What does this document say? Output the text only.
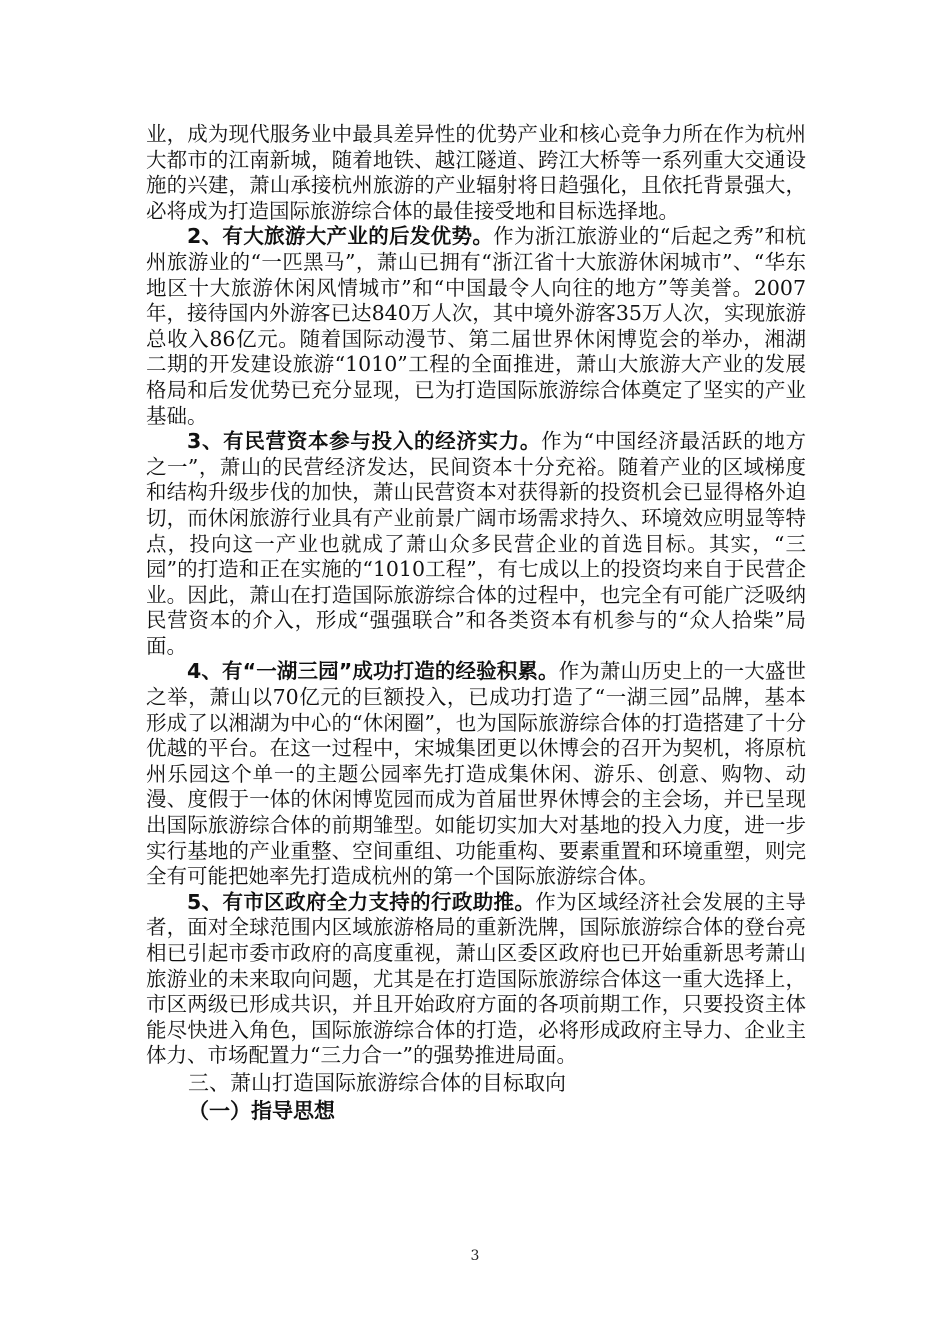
业，成为现代服务业中最具差异性的优势产业和核心竞争力所在作为杭州大都市的江南新城，随着地铁、越江隧道、跨江大桥等一系列重大交通设施的兴建，萧山承接杭州旅游的产业辐射将日趋强化，且依托背景强大，必将成为打造国际旅游综合体的最佳接受地和目标选择地。

2、有大旅游大产业的后发优势。作为浙江旅游业的“后起之秀”和杭州旅游业的“一匹黑马”，萧山已拥有“浙江省十大旅游休闲城市”、“华东地区十大旅游休闲风情城市”和“中国最令人向往的地方”等美誉。2007年，接待国内外游客已达840万人次，其中境外游客35万人次，实现旅游总收入86亿元。随着国际动漫节、第二届世界休闲博览会的举办，湘湖二期的开发建设旅游“1010”工程的全面推进，萧山大旅游大产业的发展格局和后发优势已充分显现，已为打造国际旅游综合体奠定了坚实的产业基础。

3、有民营资本参与投入的经济实力。作为“中国经济最活跃的地方之一”，萧山的民营经济发达，民间资本十分充裕。随着产业的区域梯度和结构升级步伐的加快，萧山民营资本对获得新的投资机会已显得格外迫切，而休闲旅游行业具有产业前景广阔市场需求持久、环境效应明显等特点，投向这一产业也就成了萧山众多民营企业的首选目标。其实，“三园”的打造和正在实施的“1010工程”，有七成以上的投资均来自于民营企业。因此，萧山在打造国际旅游综合体的过程中，也完全有可能广泛吸纳民营资本的介入，形成“强强联合”和各类资本有机参与的“众人拾柴”局面。

4、有“一湖三园”成功打造的经验积累。作为萧山历史上的一大盛世之举，萧山以70亿元的巨额投入，已成功打造了“一湖三园”品牌，基本形成了以湘湖为中心的“休闲圈”，也为国际旅游综合体的打造搭建了十分优越的平台。在这一过程中，宋城集团更以休博会的召开为契机，将原杭州乐园这个单一的主题公园率先打造成集休闲、游乐、创意、购物、动漫、度假于一体的休闲博览园而成为首届世界休博会的主会场，并已呈现出国际旅游综合体的前期雏型。如能切实加大对基地的投入力度，进一步实行基地的产业重整、空间重组、功能重构、要素重置和环境重塑，则完全有可能把她率先打造成杭州的第一个国际旅游综合体。

5、有市区政府全力支持的行政助推。作为区域经济社会发展的主导者，面对全球范围内区域旅游格局的重新洗牌，国际旅游综合体的登台亮相已引起市委市政府的高度重视，萧山区委区政府也已开始重新思考萧山旅游业的未来取向问题，尤其是在打造国际旅游综合体这一重大选择上，市区两级已形成共识，并且开始政府方面的各项前期工作，只要投资主体能尽快进入角色，国际旅游综合体的打造，必将形成政府主导力、企业主体力、市场配置力“三力合一”的强势推进局面。

三、萧山打造国际旅游综合体的目标取向

（一）指导思想

3
